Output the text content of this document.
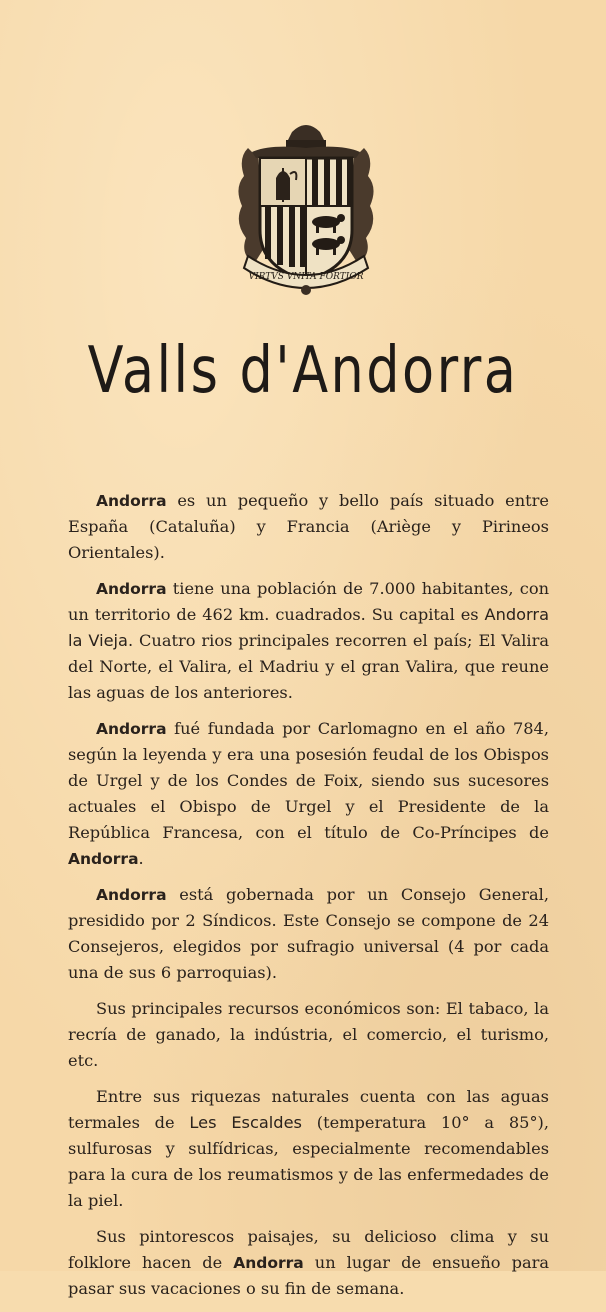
VIRTVS VNITA FORTIOR
Valls d'Andorra

Andorra es un pequeño y bello país situado entre España (Cataluña) y Francia (Ariège y Pirineos Orientales).

Andorra tiene una población de 7.000 habitantes, con un territorio de 462 km. cuadrados. Su capital es Andorra la Vieja. Cuatro rios principales recorren el país; El Valira del Norte, el Valira, el Madriu y el gran Valira, que reune las aguas de los anteriores.

Andorra fué fundada por Carlomagno en el año 784, según la leyenda y era una posesión feudal de los Obispos de Urgel y de los Condes de Foix, siendo sus sucesores actuales el Obispo de Urgel y el Presidente de la República Francesa, con el título de Co-Príncipes de Andorra.

Andorra está gobernada por un Consejo General, presidido por 2 Síndicos. Este Consejo se compone de 24 Consejeros, elegidos por sufragio universal (4 por cada una de sus 6 parroquias).

Sus principales recursos económicos son: El tabaco, la recría de ganado, la indústria, el comercio, el turismo, etc.

Entre sus riquezas naturales cuenta con las aguas termales de Les Escaldes (temperatura 10° a 85°), sulfurosas y sulfídricas, especialmente recomendables para la cura de los reumatismos y de las enfermedades de la piel.

Sus pintorescos paisajes, su delicioso clima y su folklore hacen de Andorra un lugar de ensueño para pasar sus vacaciones o su fin de semana.
